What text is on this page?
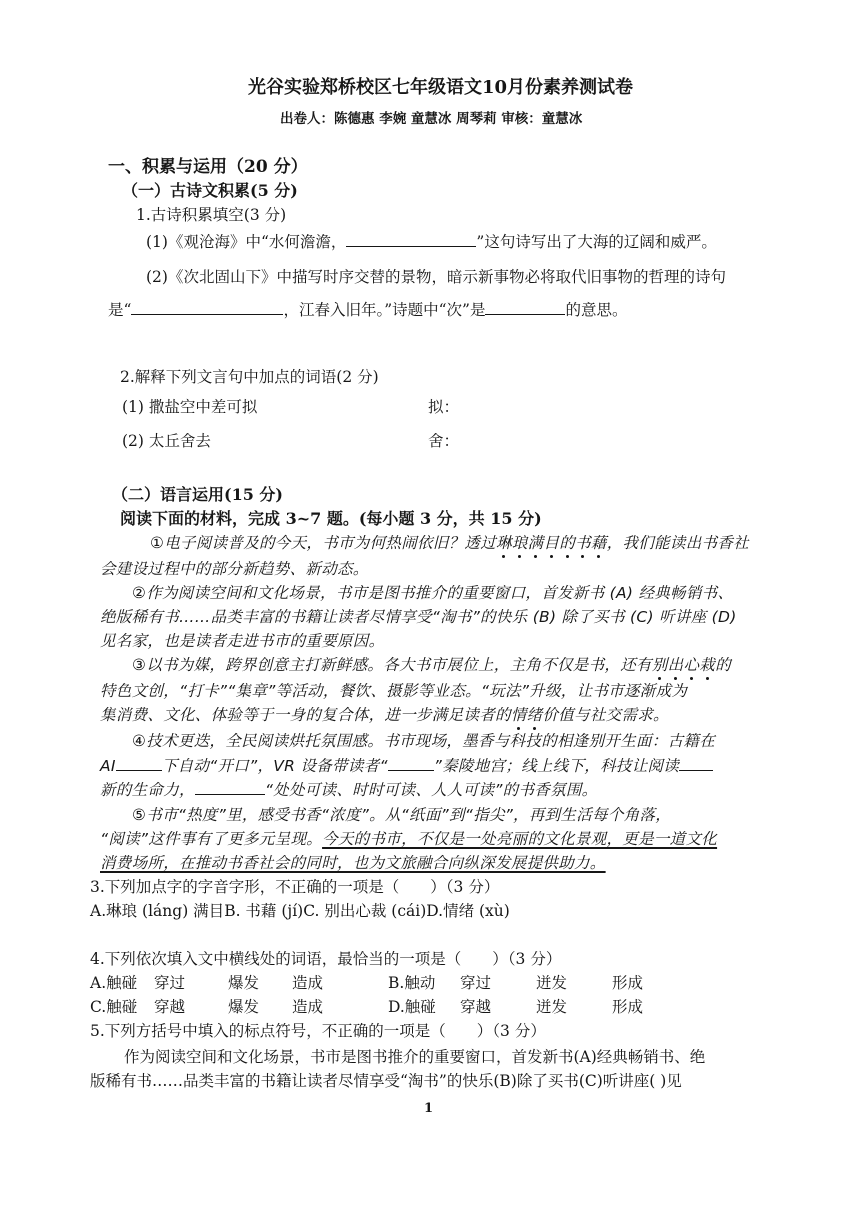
光谷实验郑桥校区七年级语文10月份素养测试卷
出卷人：陈德惠 李婉 童慧冰 周琴莉 审核：童慧冰
一、积累与运用（20 分）
（一）古诗文积累(5 分)
1.古诗积累填空(3 分)
(1)《观沧海》中“水何澹澹，	”这句诗写出了大海的辽阔和威严。
(2)《次北固山下》中描写时序交替的景物，暗示新事物必将取代旧事物的哲理的诗句
是“	，江春入旧年。”诗题中“次”是	的意思。
2.解释下列文言句中加点的词语(2 分)
(1) 撒盐空中差可拟	拟：
(2) 太丘舍去	舍：
（二）语言运用(15 分)
阅读下面的材料，完成 3~7 题。(每小题 3 分，共 15 分)
①电子阅读普及的今天，书市为何热闹依旧？透过琳琅满目的书藉，我们能读出书香社
会建设过程中的部分新趋势、新动态。
②作为阅读空间和文化场景，书市是图书推介的重要窗口，首发新书 (A) 经典畅销书、
绝版稀有书……品类丰富的书籍让读者尽情享受“淘书”的快乐 (B) 除了买书 (C) 听讲座 (D)
见名家，也是读者走进书市的重要原因。
③以书为媒，跨界创意主打新鲜感。各大书市展位上，主角不仅是书，还有别出心栽的
特色文创，“打卡”“集章”等活动，餐饮、摄影等业态。“玩法”升级，让书市逐渐成为
集消费、文化、体验等于一身的复合体，进一步满足读者的情绪价值与社交需求。
④技术更迭，全民阅读烘托氛围感。书市现场，墨香与科技的相逢别开生面：古籍在
AI	下自动“开口”，VR 设备带读者“	”秦陵地宫；线上线下，科技让阅读
新的生命力，	“处处可读、时时可读、人人可读”的书香氛围。
⑤书市“热度”里，感受书香“浓度”。从“纸面”到“指尖”，再到生活每个角落，
“阅读”这件事有了更多元呈现。今天的书市，不仅是一处亮丽的文化景观，更是一道文化
消费场所，在推动书香社会的同时，也为文旅融合向纵深发展提供助力。
3.下列加点字的字音字形，不正确的一项是（　　）（3 分）
A.琳琅 (láng) 满目B. 书藉 (jí)C. 别出心裁 (cái)D.情绪 (xù)
4.下列依次填入文中横线处的词语，最恰当的一项是（　　）（3 分）
A.触碰 穿过	爆发 造成	B.触动 穿过	迸发	形成
C.触碰 穿越	爆发 造成	D.触碰 穿越	迸发	形成
5.下列方括号中填入的标点符号，不正确的一项是（　　）（3 分）
作为阅读空间和文化场景，书市是图书推介的重要窗口，首发新书(A)经典畅销书、绝
版稀有书……品类丰富的书籍让读者尽情享受“淘书”的快乐(B)除了买书(C)听讲座( )见
1
